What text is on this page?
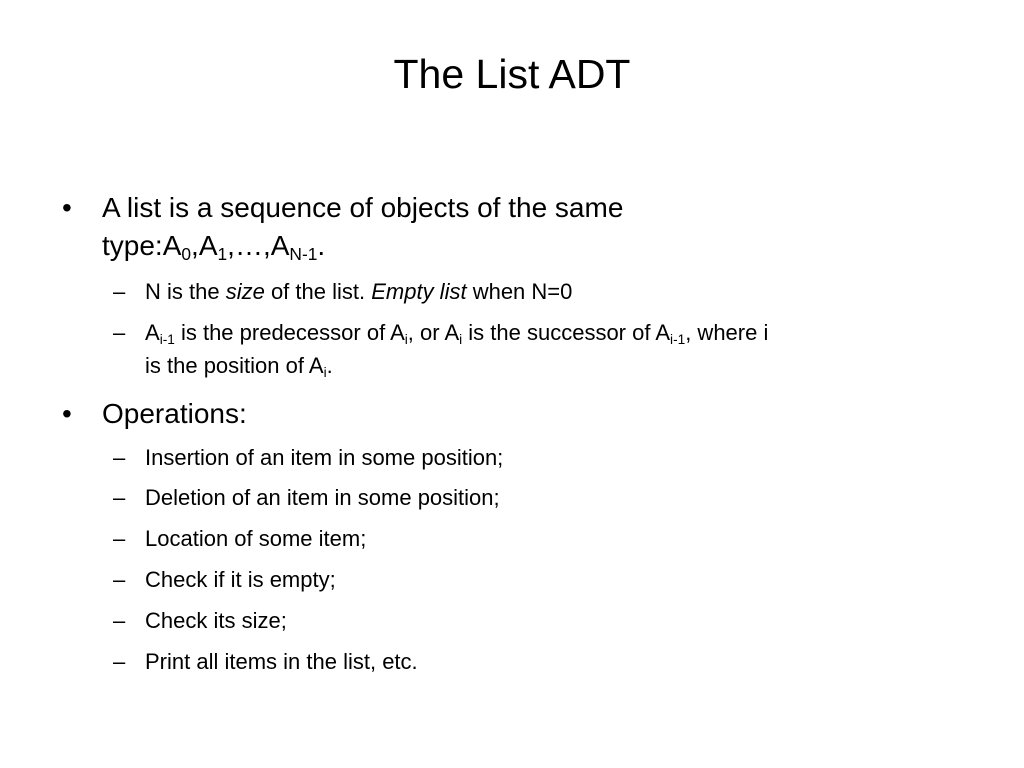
The List ADT
• A list is a sequence of objects of the same
$type:A_0,A_1,\dots,A_{N-1}$.
– N is the size of the list. Empty list when N=0
– $A_{i-1}$ is the predecessor of $A_i$, or $A_i$ is the successor of $A_{i-1}$, where i
is the position of $A_i$.
• Operations:
– Insertion of an item in some position;
– Deletion of an item in some position;
– Location of some item;
– Check if it is empty;
– Check its size;
– Print all items in the list, etc.
